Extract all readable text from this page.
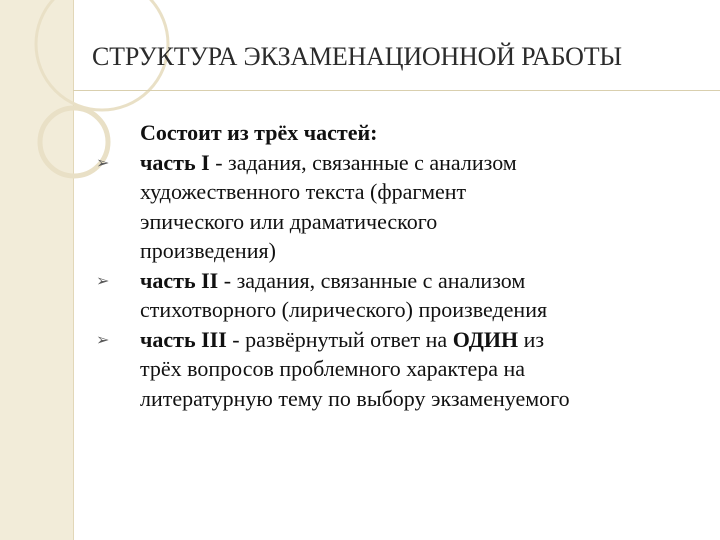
СТРУКТУРА ЭКЗАМЕНАЦИОННОЙ РАБОТЫ
Состоит из трёх частей:
➢ часть I - задания, связанные с анализом
художественного текста (фрагмент
эпического или драматического
произведения)
➢ часть II - задания, связанные с анализом
стихотворного (лирического) произведения
➢ часть III - развёрнутый ответ на ОДИН из
трёх вопросов проблемного характера на
литературную тему по выбору экзаменуемого
